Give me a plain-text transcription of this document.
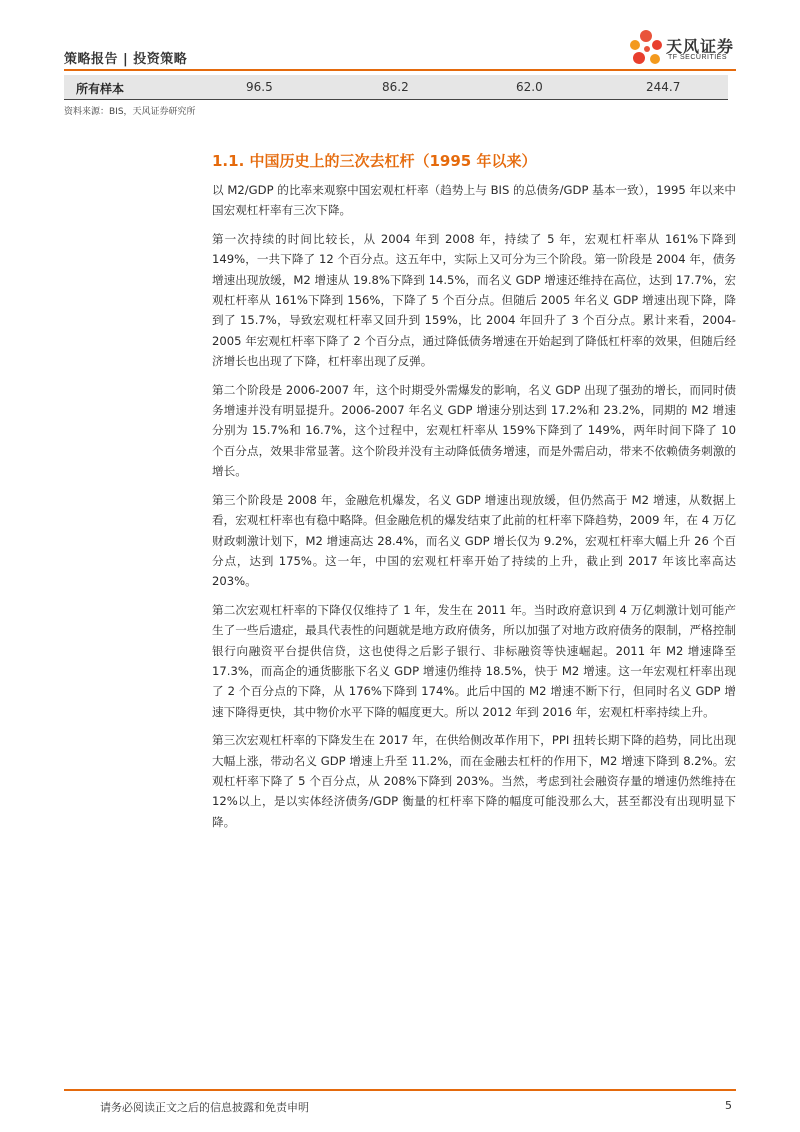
策略报告 | 投资策略
天风证券
TF SECURITIES
所有样本	96.5	86.2	62.0	244.7
资料来源：BIS，天风证券研究所
1.1. 中国历史上的三次去杠杆（1995 年以来）

以 M2/GDP 的比率来观察中国宏观杠杆率（趋势上与 BIS 的总债务/GDP 基本一致），1995 年以来中国宏观杠杆率有三次下降。

第一次持续的时间比较长，从 2004 年到 2008 年，持续了 5 年，宏观杠杆率从 161%下降到 149%，一共下降了 12 个百分点。这五年中，实际上又可分为三个阶段。第一阶段是 2004 年，债务增速出现放缓，M2 增速从 19.8%下降到 14.5%，而名义 GDP 增速还维持在高位，达到 17.7%，宏观杠杆率从 161%下降到 156%，下降了 5 个百分点。但随后 2005 年名义 GDP 增速出现下降，降到了 15.7%，导致宏观杠杆率又回升到 159%，比 2004 年回升了 3 个百分点。累计来看，2004-2005 年宏观杠杆率下降了 2 个百分点，通过降低债务增速在开始起到了降低杠杆率的效果，但随后经济增长也出现了下降，杠杆率出现了反弹。

第二个阶段是 2006-2007 年，这个时期受外需爆发的影响，名义 GDP 出现了强劲的增长，而同时债务增速并没有明显提升。2006-2007 年名义 GDP 增速分别达到 17.2%和 23.2%，同期的 M2 增速分别为 15.7%和 16.7%，这个过程中，宏观杠杆率从 159%下降到了 149%，两年时间下降了 10 个百分点，效果非常显著。这个阶段并没有主动降低债务增速，而是外需启动，带来不依赖债务刺激的增长。

第三个阶段是 2008 年，金融危机爆发，名义 GDP 增速出现放缓，但仍然高于 M2 增速，从数据上看，宏观杠杆率也有稳中略降。但金融危机的爆发结束了此前的杠杆率下降趋势，2009 年，在 4 万亿财政刺激计划下，M2 增速高达 28.4%，而名义 GDP 增长仅为 9.2%，宏观杠杆率大幅上升 26 个百分点，达到 175%。这一年，中国的宏观杠杆率开始了持续的上升，截止到 2017 年该比率高达 203%。

第二次宏观杠杆率的下降仅仅维持了 1 年，发生在 2011 年。当时政府意识到 4 万亿刺激计划可能产生了一些后遗症，最具代表性的问题就是地方政府债务，所以加强了对地方政府债务的限制，严格控制银行向融资平台提供信贷，这也使得之后影子银行、非标融资等快速崛起。2011 年 M2 增速降至 17.3%，而高企的通货膨胀下名义 GDP 增速仍维持 18.5%，快于 M2 增速。这一年宏观杠杆率出现了 2 个百分点的下降，从 176%下降到 174%。此后中国的 M2 增速不断下行，但同时名义 GDP 增速下降得更快，其中物价水平下降的幅度更大。所以 2012 年到 2016 年，宏观杠杆率持续上升。

第三次宏观杠杆率的下降发生在 2017 年，在供给侧改革作用下，PPI 扭转长期下降的趋势，同比出现大幅上涨，带动名义 GDP 增速上升至 11.2%，而在金融去杠杆的作用下，M2 增速下降到 8.2%。宏观杠杆率下降了 5 个百分点，从 208%下降到 203%。当然，考虑到社会融资存量的增速仍然维持在 12%以上，是以实体经济债务/GDP 衡量的杠杆率下降的幅度可能没那么大，甚至都没有出现明显下降。

请务必阅读正文之后的信息披露和免责申明	5
